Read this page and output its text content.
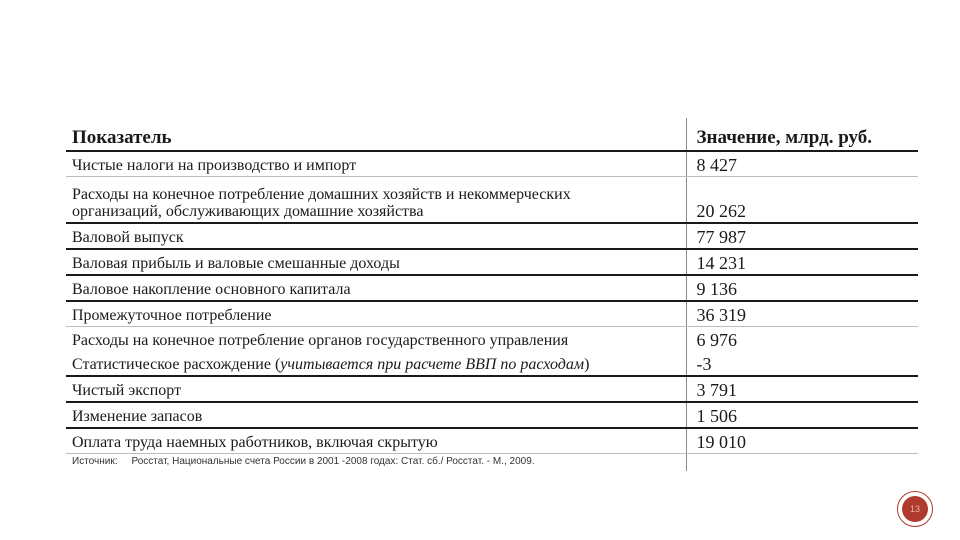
Показатель	Значение, млрд. руб.
Чистые налоги на производство и импорт	8 427
Расходы на конечное потребление домашних хозяйств и некоммерческих
организаций, обслуживающих домашние хозяйства	20 262
Валовой выпуск	77 987
Валовая прибыль и валовые смешанные доходы	14 231
Валовое накопление основного капитала	9 136
Промежуточное потребление	36 319
Расходы на конечное потребление органов государственного управления	6 976
Статистическое расхождение (учитывается при расчете ВВП по расходам)	-3
Чистый экспорт	3 791
Изменение запасов	1 506
Оплата труда наемных работников, включая скрытую	19 010
Источник: Росстат, Национальные счета России в 2001 -2008 годах: Стат. сб./ Росстат. - М., 2009.	
13
